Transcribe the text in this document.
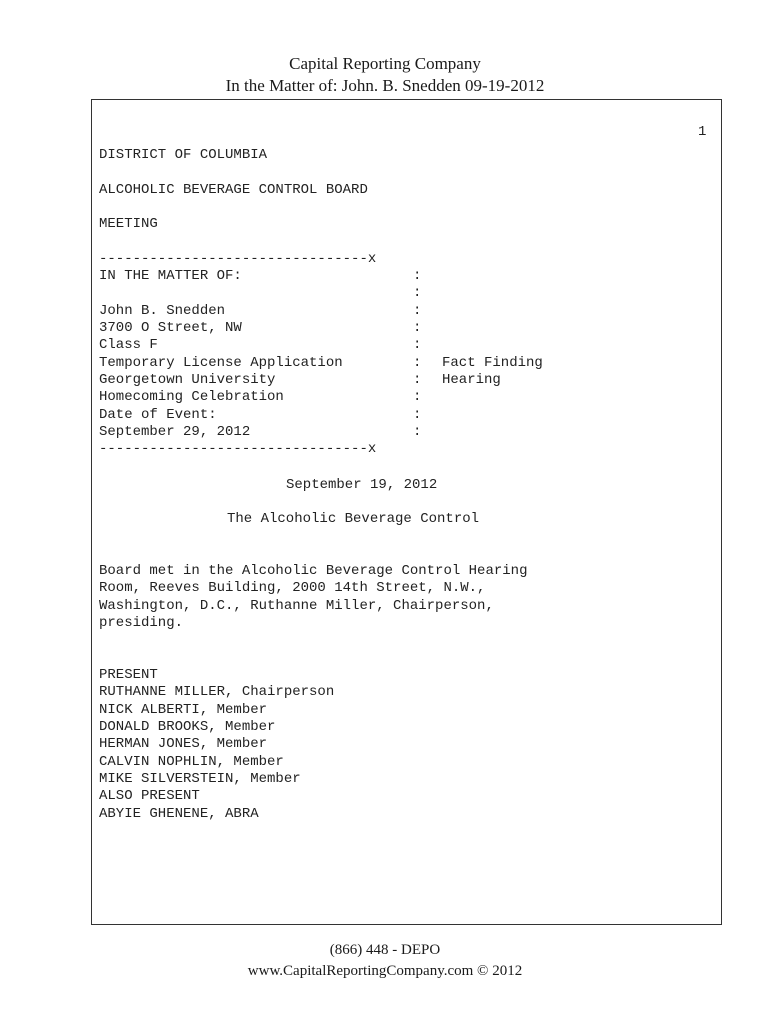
Capital Reporting Company
In the Matter of: John. B. Snedden 09-19-2012
1
DISTRICT OF COLUMBIA
ALCOHOLIC BEVERAGE CONTROL BOARD
MEETING
--------------------------------x
IN THE MATTER OF:
John B. Snedden
3700 O Street, NW
Class F
Temporary License Application
Georgetown University
Homecoming Celebration
Date of Event:
September 29, 2012
:
:
:
:
:
:
:
:
:
:
Fact Finding
Hearing
--------------------------------x
September 19, 2012
The Alcoholic Beverage Control
Board met in the Alcoholic Beverage Control Hearing
Room, Reeves Building, 2000 14th Street, N.W.,
Washington, D.C., Ruthanne Miller, Chairperson,
presiding.
PRESENT
RUTHANNE MILLER, Chairperson
NICK ALBERTI, Member
DONALD BROOKS, Member
HERMAN JONES, Member
CALVIN NOPHLIN, Member
MIKE SILVERSTEIN, Member
ALSO PRESENT
ABYIE GHENENE, ABRA
(866) 448 - DEPO
www.CapitalReportingCompany.com © 2012
